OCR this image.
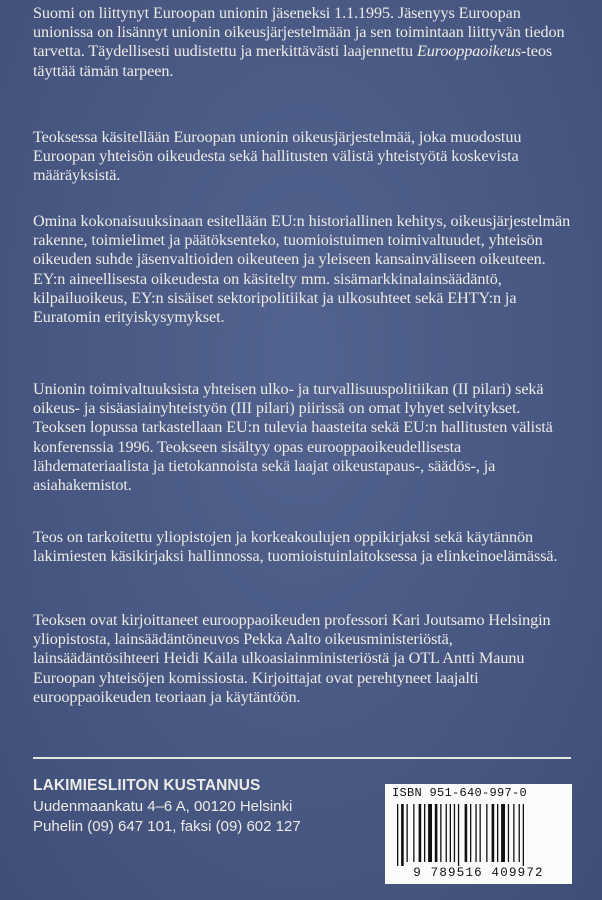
Suomi on liittynyt Euroopan unionin jäseneksi 1.1.1995. Jäsenyys Euroopan unionissa on lisännyt unionin oikeusjärjestelmään ja sen toimintaan liittyvän tiedon tarvetta. Täydellisesti uudistettu ja merkittävästi laajennettu Eurooppaoikeus-teos täyttää tämän tarpeen.

Teoksessa käsitellään Euroopan unionin oikeusjärjestelmää, joka muodostuu Euroopan yhteisön oikeudesta sekä hallitusten välistä yhteistyötä koskevista määräyksistä.

Omina kokonaisuuksinaan esitellään EU:n historiallinen kehitys, oikeusjärjestelmän rakenne, toimielimet ja päätöksenteko, tuomioistuimen toimivaltuudet, yhteisön oikeuden suhde jäsenvaltioiden oikeuteen ja yleiseen kansainväliseen oikeuteen. EY:n aineellisesta oikeudesta on käsitelty mm. sisämarkkinalainsäädäntö, kilpailuoikeus, EY:n sisäiset sektoripolitiikat ja ulkosuhteet sekä EHTY:n ja Euratomin erityiskysymykset.

Unionin toimivaltuuksista yhteisen ulko- ja turvallisuuspolitiikan (II pilari) sekä oikeus- ja sisäasiainyhteistyön (III pilari) piirissä on omat lyhyet selvitykset. Teoksen lopussa tarkastellaan EU:n tulevia haasteita sekä EU:n hallitusten välistä konferenssia 1996. Teokseen sisältyy opas eurooppaoikeudellisesta lähdemateriaalista ja tietokannoista sekä laajat oikeustapaus-, säädös-, ja asiahakemistot.

Teos on tarkoitettu yliopistojen ja korkeakoulujen oppikirjaksi sekä käytännön lakimiesten käsikirjaksi hallinnossa, tuomioistuinlaitoksessa ja elinkeinoelämässä.

Teoksen ovat kirjoittaneet eurooppaoikeuden professori Kari Joutsamo Helsingin yliopistosta, lainsäädäntöneuvos Pekka Aalto oikeusministeriöstä, lainsäädäntösihteeri Heidi Kaila ulkoasiainministeriöstä ja OTL Antti Maunu Euroopan yhteisöjen komissiosta. Kirjoittajat ovat perehtyneet laajalti eurooppaoikeuden teoriaan ja käytäntöön.

LAKIMIESLIITON KUSTANNUS
Uudenmaankatu 4–6 A, 00120 Helsinki
Puhelin (09) 647 101, faksi (09) 602 127
ISBN 951-640-997-0
9 789516 409972
